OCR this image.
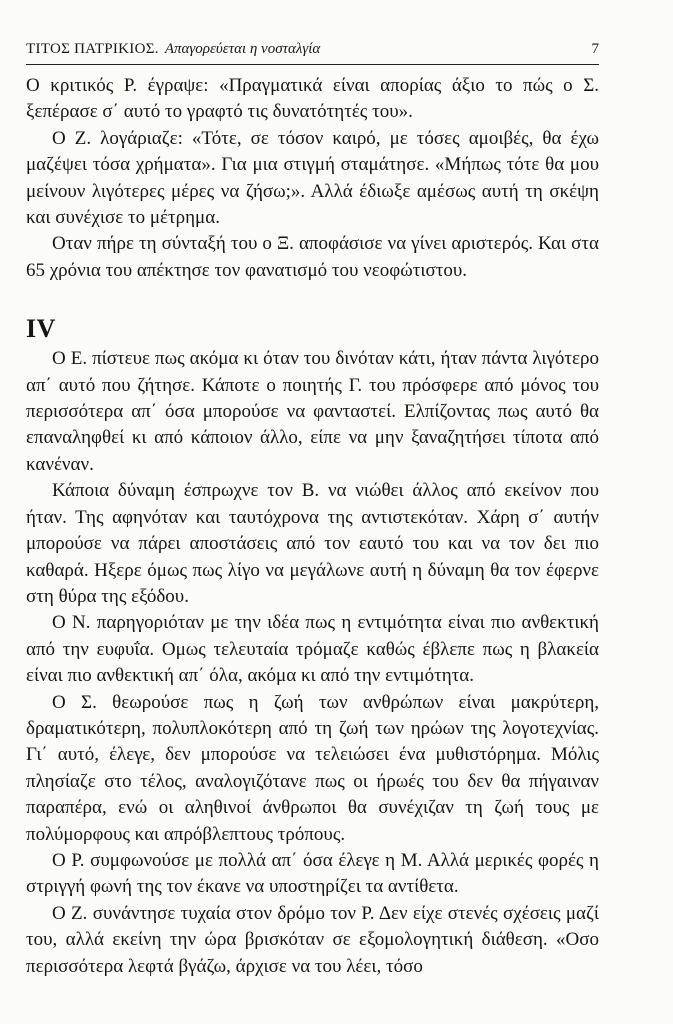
ΤΙΤΟΣ ΠΑΤΡΙΚΙΟΣ. Απαγορεύεται η νοσταλγία	7

Ο κριτικός Ρ. έγραψε: «Πραγματικά είναι απορίας άξιο το πώς ο Σ. ξεπέρασε σ΄ αυτό το γραφτό τις δυνατότητές του».

Ο Ζ. λογάριαζε: «Τότε, σε τόσον καιρό, με τόσες αμοιβές, θα έχω μαζέψει τόσα χρήματα». Για μια στιγμή σταμάτησε. «Μήπως τότε θα μου μείνουν λιγότερες μέρες να ζήσω;». Αλλά έδιωξε αμέσως αυτή τη σκέψη και συνέχισε το μέτρημα.

Οταν πήρε τη σύνταξή του ο Ξ. αποφάσισε να γίνει αριστερός. Και στα 65 χρόνια του απέκτησε τον φανατισμό του νεοφώτιστου.

IV

Ο Ε. πίστευε πως ακόμα κι όταν του δινόταν κάτι, ήταν πάντα λιγότερο απ΄ αυτό που ζήτησε. Κάποτε ο ποιητής Γ. του πρόσφερε από μόνος του περισσότερα απ΄ όσα μπορούσε να φανταστεί. Ελπίζοντας πως αυτό θα επαναληφθεί κι από κάποιον άλλο, είπε να μην ξαναζητήσει τίποτα από κανέναν.

Κάποια δύναμη έσπρωχνε τον Β. να νιώθει άλλος από εκείνον που ήταν. Της αφηνόταν και ταυτόχρονα της αντιστεκόταν. Χάρη σ΄ αυτήν μπορούσε να πάρει αποστάσεις από τον εαυτό του και να τον δει πιο καθαρά. Ηξερε όμως πως λίγο να μεγάλωνε αυτή η δύναμη θα τον έφερνε στη θύρα της εξόδου.

Ο Ν. παρηγοριόταν με την ιδέα πως η εντιμότητα είναι πιο ανθεκτική από την ευφυΐα. Ομως τελευταία τρόμαζε καθώς έβλεπε πως η βλακεία είναι πιο ανθεκτική απ΄ όλα, ακόμα κι από την εντιμότητα.

Ο Σ. θεωρούσε πως η ζωή των ανθρώπων είναι μακρύτερη, δραματικότερη, πολυπλοκότερη από τη ζωή των ηρώων της λογοτεχνίας. Γι΄ αυτό, έλεγε, δεν μπορούσε να τελειώσει ένα μυθιστόρημα. Μόλις πλησίαζε στο τέλος, αναλογιζότανε πως οι ήρωές του δεν θα πήγαιναν παραπέρα, ενώ οι αληθινοί άνθρωποι θα συνέχιζαν τη ζωή τους με πολύμορφους και απρόβλεπτους τρόπους.

Ο Ρ. συμφωνούσε με πολλά απ΄ όσα έλεγε η Μ. Αλλά μερικές φορές η στριγγή φωνή της τον έκανε να υποστηρίζει τα αντίθετα.

Ο Ζ. συνάντησε τυχαία στον δρόμο τον Ρ. Δεν είχε στενές σχέσεις μαζί του, αλλά εκείνη την ώρα βρισκόταν σε εξομολογητική διάθεση. «Οσο περισσότερα λεφτά βγάζω, άρχισε να του λέει, τόσο
